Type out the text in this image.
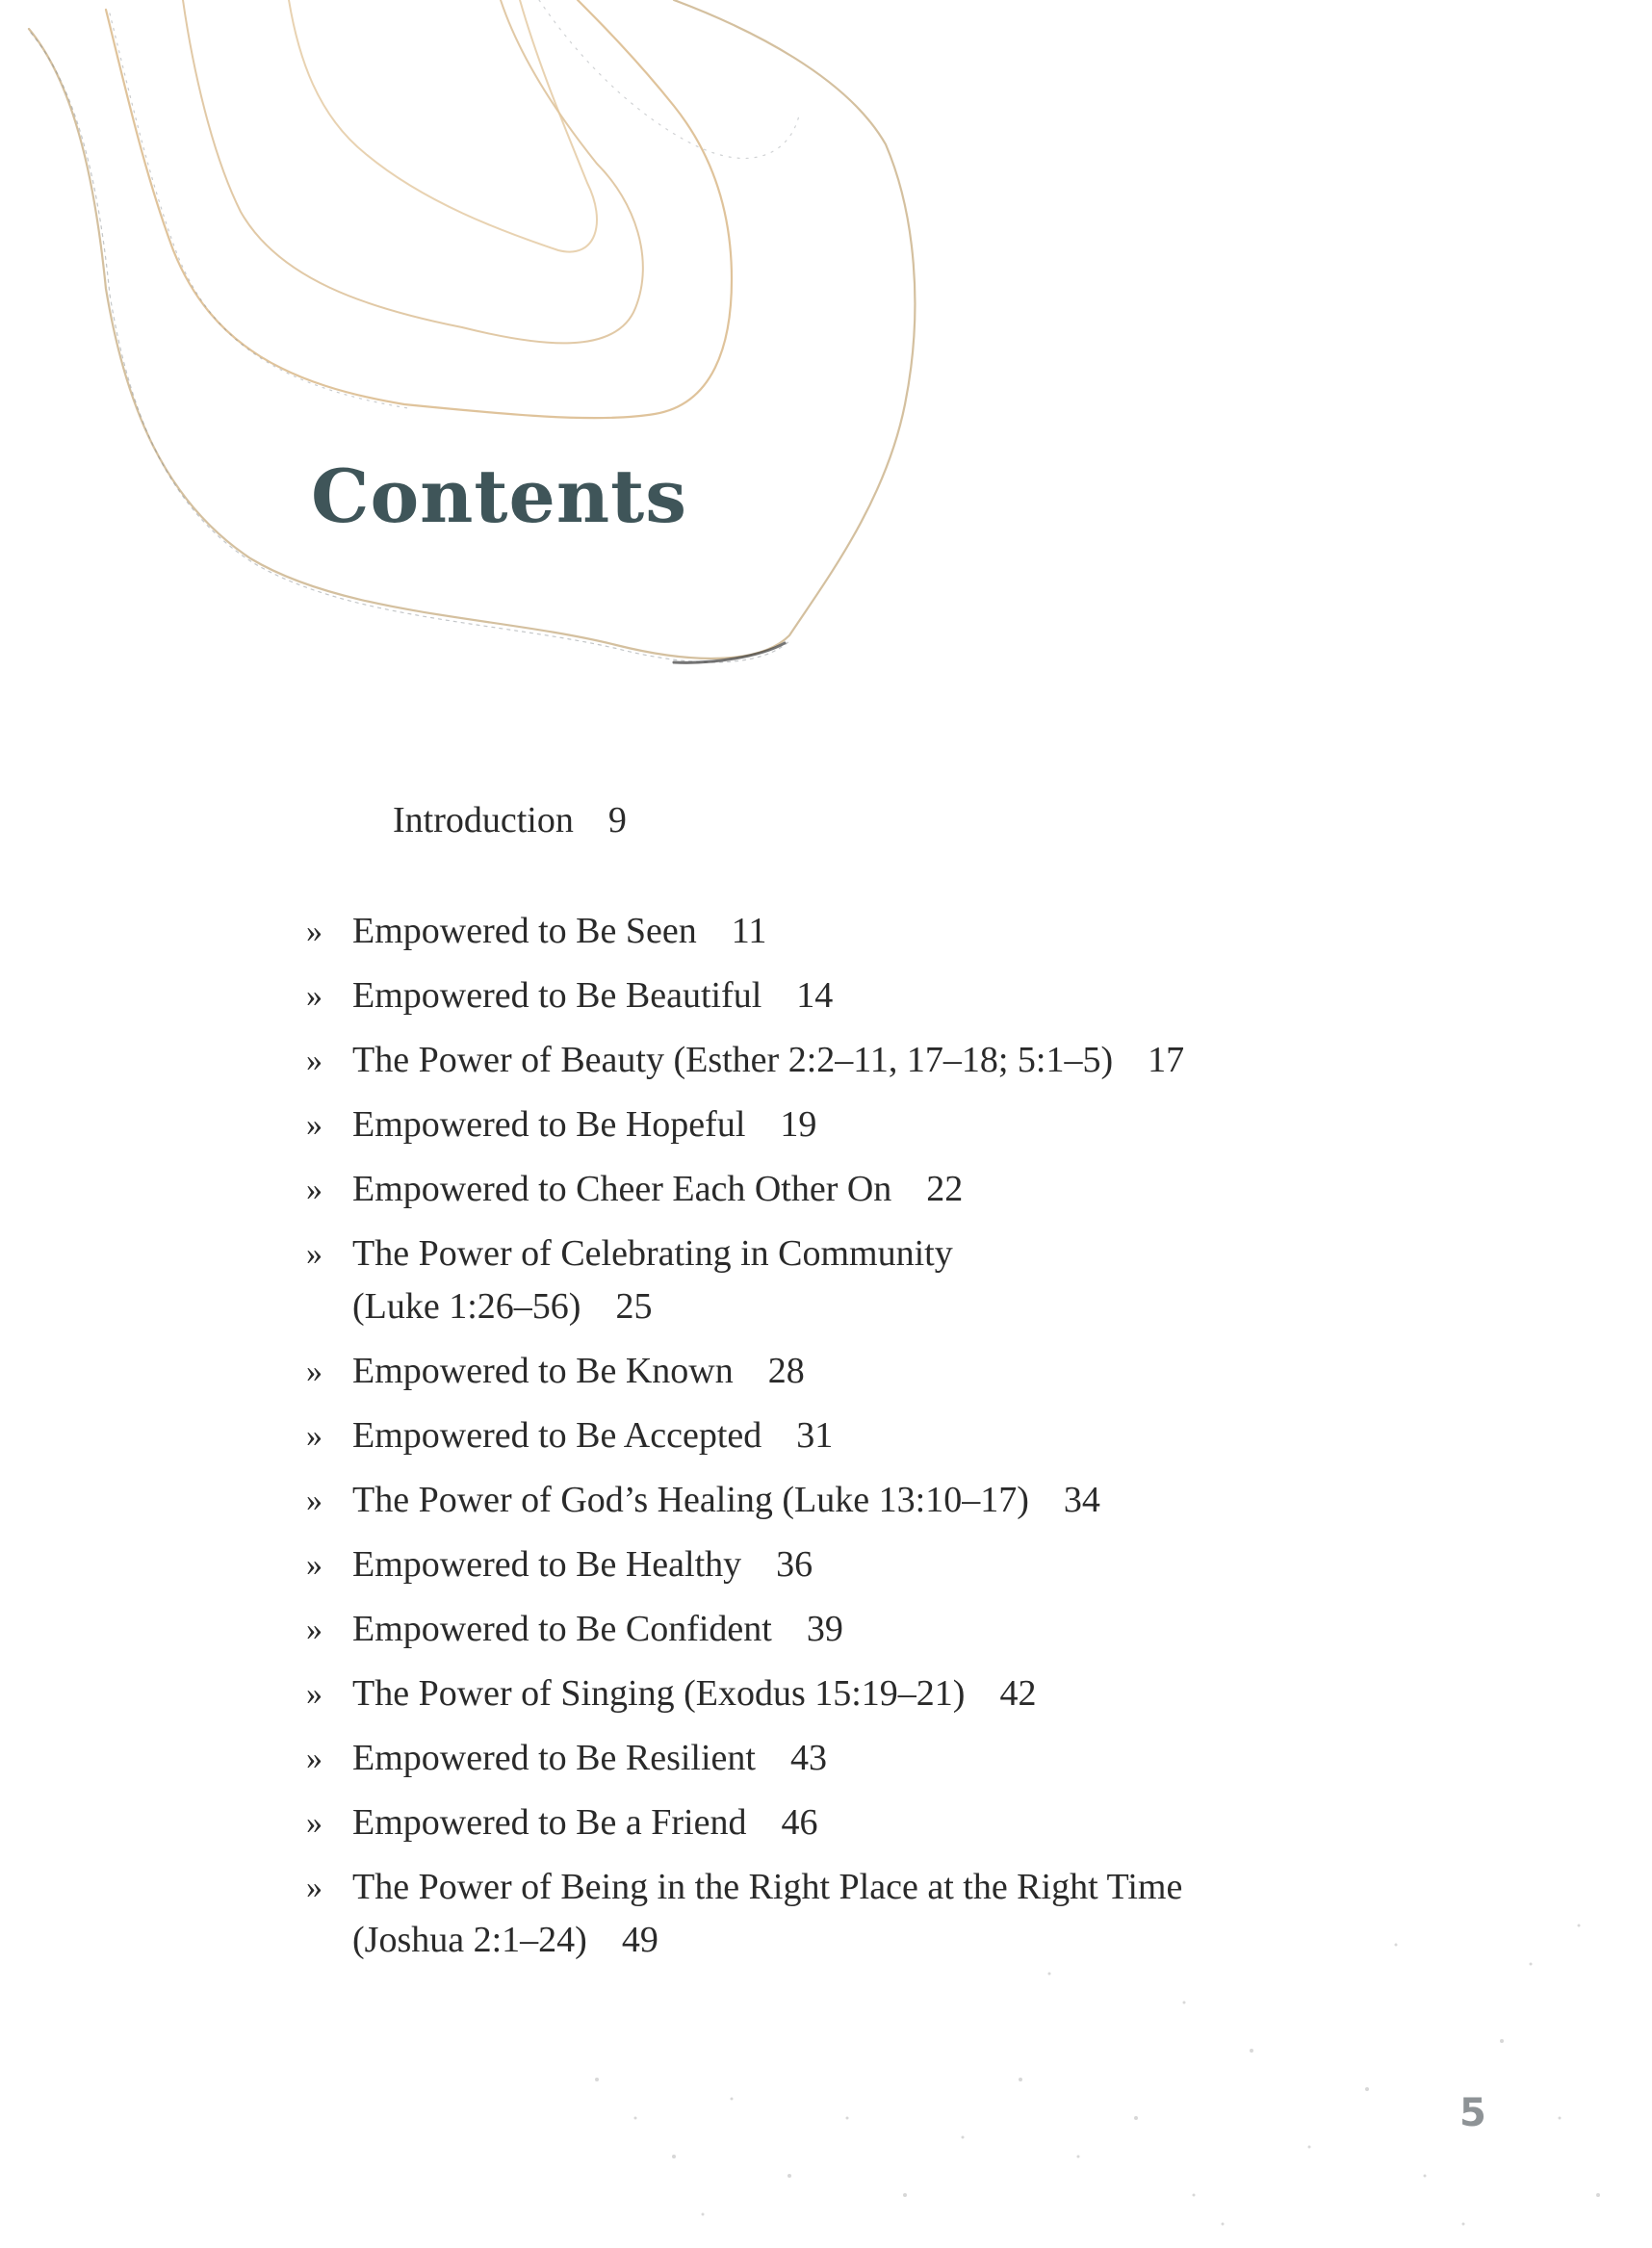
Contents
Introduction 9
» Empowered to Be Seen 11
» Empowered to Be Beautiful 14
» The Power of Beauty (Esther 2:2–11, 17–18; 5:1–5) 17
» Empowered to Be Hopeful 19
» Empowered to Cheer Each Other On 22
» The Power of Celebrating in Community
(Luke 1:26–56) 25
» Empowered to Be Known 28
» Empowered to Be Accepted 31
» The Power of God’s Healing (Luke 13:10–17) 34
» Empowered to Be Healthy 36
» Empowered to Be Confident 39
» The Power of Singing (Exodus 15:19–21) 42
» Empowered to Be Resilient 43
» Empowered to Be a Friend 46
» The Power of Being in the Right Place at the Right Time
(Joshua 2:1–24) 49
5
